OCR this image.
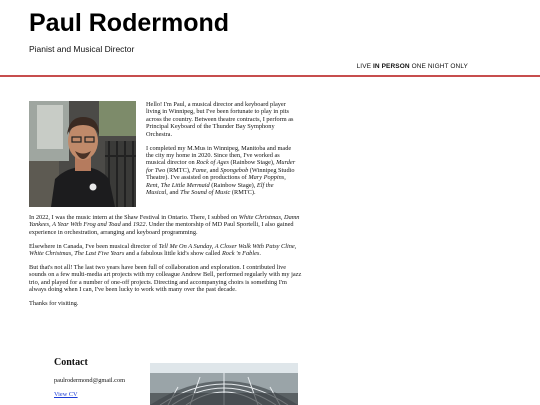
Paul Rodermond

Pianist and Musical Director

LIVE IN PERSON ONE NIGHT ONLY

Hello! I'm Paul, a musical director and keyboard player living in Winnipeg, but I've been fortunate to play in pits across the country. Between theatre contracts, I perform as Principal Keyboard of the Thunder Bay Symphony Orchestra.

I completed my M.Mus in Winnipeg, Manitoba and made the city my home in 2020. Since then, I've worked as musical director on Rock of Ages (Rainbow Stage), Murder for Two (RMTC), Fame, and Spongebob (Winnipeg Studio Theatre). I've assisted on productions of Mary Poppins, Rent, The Little Mermaid (Rainbow Stage), Elf the Musical, and The Sound of Music (RMTC).

In 2022, I was the music intern at the Shaw Festival in Ontario. There, I subbed on White Christmas, Damn Yankees, A Year With Frog and Toad and 1922. Under the mentorship of MD Paul Sportelli, I also gained experience in orchestration, arranging and keyboard programming.

Elsewhere in Canada, I've been musical director of Tell Me On A Sunday, A Closer Walk With Patsy Cline, White Christmas, The Last Five Years and a fabulous little kid's show called Rock 'n Fables.

But that's not all! The last two years have been full of collaboration and exploration. I contributed live sounds on a few multi-media art projects with my colleague Andrew Bell, performed regularly with my jazz trio, and played for a number of one-off projects. Directing and accompanying choirs is something I'm always doing when I can, I've been lucky to work with many over the past decade.

Thanks for visiting.

Contact
paulrodermond@gmail.com
View CV
